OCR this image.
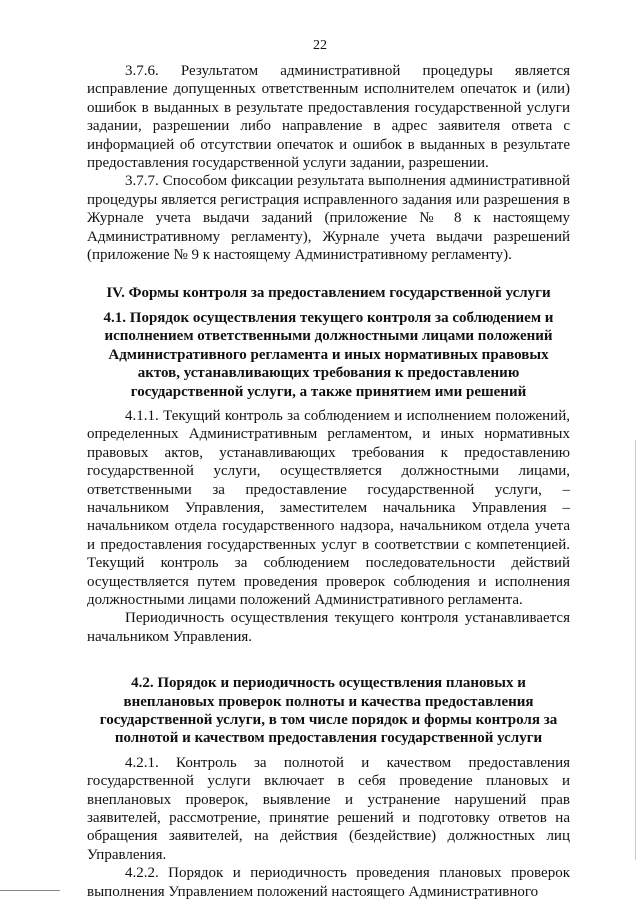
22

3.7.6. Результатом административной процедуры является исправление допущенных ответственным исполнителем опечаток и (или) ошибок в выданных в результате предоставления государственной услуги задании, разрешении либо направление в адрес заявителя ответа с информацией об отсутствии опечаток и ошибок в выданных в результате предоставления государственной услуги задании, разрешении.

3.7.7. Способом фиксации результата выполнения административной процедуры является регистрация исправленного задания или разрешения в Журнале учета выдачи заданий (приложение № 8 к настоящему Административному регламенту), Журнале учета выдачи разрешений (приложение № 9 к настоящему Административному регламенту).

IV. Формы контроля за предоставлением государственной услуги
4.1. Порядок осуществления текущего контроля за соблюдением и исполнением ответственными должностными лицами положений Административного регламента и иных нормативных правовых актов, устанавливающих требования к предоставлению государственной услуги, а также принятием ими решений

4.1.1. Текущий контроль за соблюдением и исполнением положений, определенных Административным регламентом, и иных нормативных правовых актов, устанавливающих требования к предоставлению государственной услуги, осуществляется должностными лицами, ответственными за предоставление государственной услуги, – начальником Управления, заместителем начальника Управления – начальником отдела государственного надзора, начальником отдела учета и предоставления государственных услуг в соответствии с компетенцией. Текущий контроль за соблюдением последовательности действий осуществляется путем проведения проверок соблюдения и исполнения должностными лицами положений Административного регламента.

Периодичность осуществления текущего контроля устанавливается начальником Управления.

4.2. Порядок и периодичность осуществления плановых и внеплановых проверок полноты и качества предоставления государственной услуги, в том числе порядок и формы контроля за полнотой и качеством предоставления государственной услуги

4.2.1. Контроль за полнотой и качеством предоставления государственной услуги включает в себя проведение плановых и внеплановых проверок, выявление и устранение нарушений прав заявителей, рассмотрение, принятие решений и подготовку ответов на обращения заявителей, на действия (бездействие) должностных лиц Управления.

4.2.2. Порядок и периодичность проведения плановых проверок выполнения Управлением положений настоящего Административного
